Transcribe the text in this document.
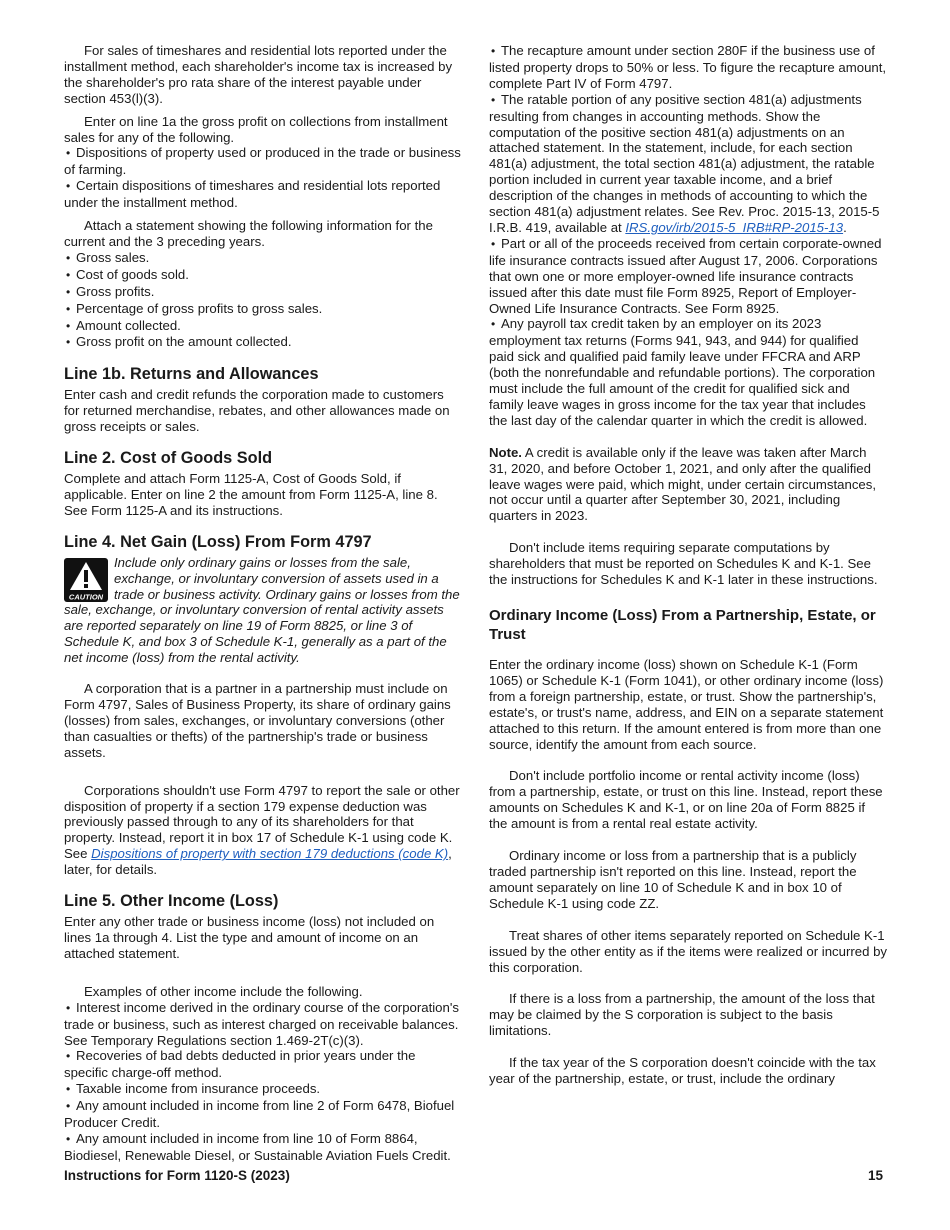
For sales of timeshares and residential lots reported under the installment method, each shareholder's income tax is increased by the shareholder's pro rata share of the interest payable under section 453(l)(3).

Enter on line 1a the gross profit on collections from installment sales for any of the following.

• Dispositions of property used or produced in the trade or business of farming.

• Certain dispositions of timeshares and residential lots reported under the installment method.

Attach a statement showing the following information for the current and the 3 preceding years.

• Gross sales.

• Cost of goods sold.

• Gross profits.

• Percentage of gross profits to gross sales.

• Amount collected.

• Gross profit on the amount collected.

Line 1b. Returns and Allowances

Enter cash and credit refunds the corporation made to customers for returned merchandise, rebates, and other allowances made on gross receipts or sales.

Line 2. Cost of Goods Sold

Complete and attach Form 1125-A, Cost of Goods Sold, if applicable. Enter on line 2 the amount from Form 1125-A, line 8. See Form 1125-A and its instructions.

Line 4. Net Gain (Loss) From Form 4797
CAUTION
Include only ordinary gains or losses from the sale, exchange, or involuntary conversion of assets used in a trade or business activity. Ordinary gains or losses from the sale, exchange, or involuntary conversion of rental activity assets are reported separately on line 19 of Form 8825, or line 3 of Schedule K, and box 3 of Schedule K-1, generally as a part of the net income (loss) from the rental activity.

A corporation that is a partner in a partnership must include on Form 4797, Sales of Business Property, its share of ordinary gains (losses) from sales, exchanges, or involuntary conversions (other than casualties or thefts) of the partnership's trade or business assets.

Corporations shouldn't use Form 4797 to report the sale or other disposition of property if a section 179 expense deduction was previously passed through to any of its shareholders for that property. Instead, report it in box 17 of Schedule K-1 using code K. See Dispositions of property with section 179 deductions (code K), later, for details.

Line 5. Other Income (Loss)

Enter any other trade or business income (loss) not included on lines 1a through 4. List the type and amount of income on an attached statement.

Examples of other income include the following.

• Interest income derived in the ordinary course of the corporation's trade or business, such as interest charged on receivable balances. See Temporary Regulations section 1.469-2T(c)(3).

• Recoveries of bad debts deducted in prior years under the specific charge-off method.

• Taxable income from insurance proceeds.

• Any amount included in income from line 2 of Form 6478, Biofuel Producer Credit.

• Any amount included in income from line 10 of Form 8864, Biodiesel, Renewable Diesel, or Sustainable Aviation Fuels Credit.

• The recapture amount under section 280F if the business use of listed property drops to 50% or less. To figure the recapture amount, complete Part IV of Form 4797.

• The ratable portion of any positive section 481(a) adjustments resulting from changes in accounting methods. Show the computation of the positive section 481(a) adjustments on an attached statement. In the statement, include, for each section 481(a) adjustment, the total section 481(a) adjustment, the ratable portion included in current year taxable income, and a brief description of the changes in methods of accounting to which the section 481(a) adjustment relates. See Rev. Proc. 2015-13, 2015-5 I.R.B. 419, available at IRS.gov/irb/2015-5_IRB#RP-2015-13.

• Part or all of the proceeds received from certain corporate-owned life insurance contracts issued after August 17, 2006. Corporations that own one or more employer-owned life insurance contracts issued after this date must file Form 8925, Report of Employer-Owned Life Insurance Contracts. See Form 8925.

• Any payroll tax credit taken by an employer on its 2023 employment tax returns (Forms 941, 943, and 944) for qualified paid sick and qualified paid family leave under FFCRA and ARP (both the nonrefundable and refundable portions). The corporation must include the full amount of the credit for qualified sick and family leave wages in gross income for the tax year that includes the last day of the calendar quarter in which the credit is allowed.

Note. A credit is available only if the leave was taken after March 31, 2020, and before October 1, 2021, and only after the qualified leave wages were paid, which might, under certain circumstances, not occur until a quarter after September 30, 2021, including quarters in 2023.

Don't include items requiring separate computations by shareholders that must be reported on Schedules K and K-1. See the instructions for Schedules K and K-1 later in these instructions.

Ordinary Income (Loss) From a Partnership, Estate, or Trust

Enter the ordinary income (loss) shown on Schedule K-1 (Form 1065) or Schedule K-1 (Form 1041), or other ordinary income (loss) from a foreign partnership, estate, or trust. Show the partnership's, estate's, or trust's name, address, and EIN on a separate statement attached to this return. If the amount entered is from more than one source, identify the amount from each source.

Don't include portfolio income or rental activity income (loss) from a partnership, estate, or trust on this line. Instead, report these amounts on Schedules K and K-1, or on line 20a of Form 8825 if the amount is from a rental real estate activity.

Ordinary income or loss from a partnership that is a publicly traded partnership isn't reported on this line. Instead, report the amount separately on line 10 of Schedule K and in box 10 of Schedule K-1 using code ZZ.

Treat shares of other items separately reported on Schedule K-1 issued by the other entity as if the items were realized or incurred by this corporation.

If there is a loss from a partnership, the amount of the loss that may be claimed by the S corporation is subject to the basis limitations.

If the tax year of the S corporation doesn't coincide with the tax year of the partnership, estate, or trust, include the ordinary

Instructions for Form 1120-S (2023)	15
